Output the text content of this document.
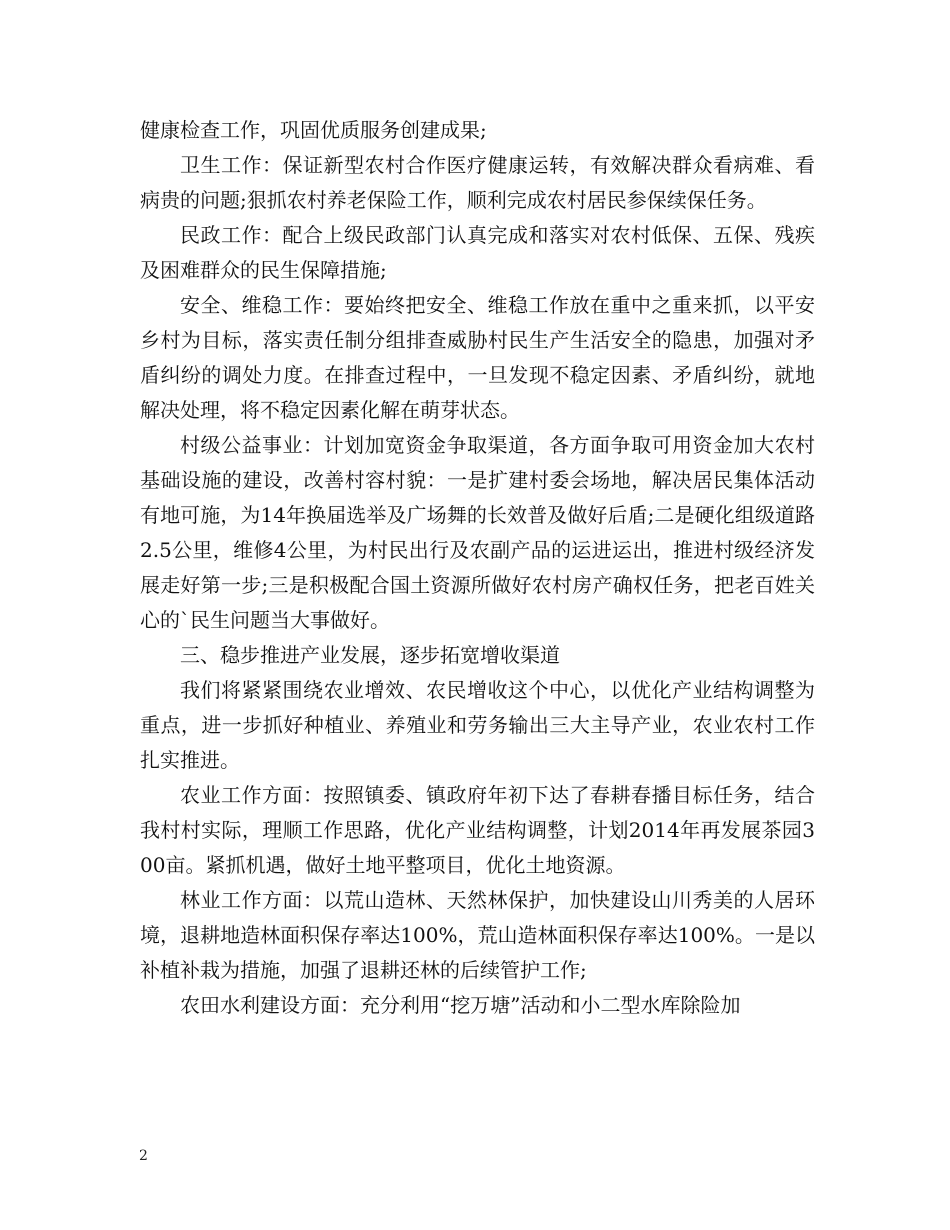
健康检查工作，巩固优质服务创建成果;

卫生工作：保证新型农村合作医疗健康运转，有效解决群众看病难、看病贵的问题;狠抓农村养老保险工作，顺利完成农村居民参保续保任务。

民政工作：配合上级民政部门认真完成和落实对农村低保、五保、残疾及困难群众的民生保障措施;

安全、维稳工作：要始终把安全、维稳工作放在重中之重来抓，以平安乡村为目标，落实责任制分组排查威胁村民生产生活安全的隐患，加强对矛盾纠纷的调处力度。在排查过程中，一旦发现不稳定因素、矛盾纠纷，就地解决处理，将不稳定因素化解在萌芽状态。

村级公益事业：计划加宽资金争取渠道，各方面争取可用资金加大农村基础设施的建设，改善村容村貌：一是扩建村委会场地，解决居民集体活动有地可施，为14年换届选举及广场舞的长效普及做好后盾;二是硬化组级道路2.5公里，维修4公里，为村民出行及农副产品的运进运出，推进村级经济发展走好第一步;三是积极配合国土资源所做好农村房产确权任务，把老百姓关心的`民生问题当大事做好。

三、稳步推进产业发展，逐步拓宽增收渠道

我们将紧紧围绕农业增效、农民增收这个中心，以优化产业结构调整为重点，进一步抓好种植业、养殖业和劳务输出三大主导产业，农业农村工作扎实推进。

农业工作方面：按照镇委、镇政府年初下达了春耕春播目标任务，结合我村村实际，理顺工作思路，优化产业结构调整，计划2014年再发展茶园300亩。紧抓机遇，做好土地平整项目，优化土地资源。

林业工作方面：以荒山造林、天然林保护，加快建设山川秀美的人居环境，退耕地造林面积保存率达100%，荒山造林面积保存率达100%。一是以补植补栽为措施，加强了退耕还林的后续管护工作;

农田水利建设方面：充分利用“挖万塘”活动和小二型水库除险加

2
